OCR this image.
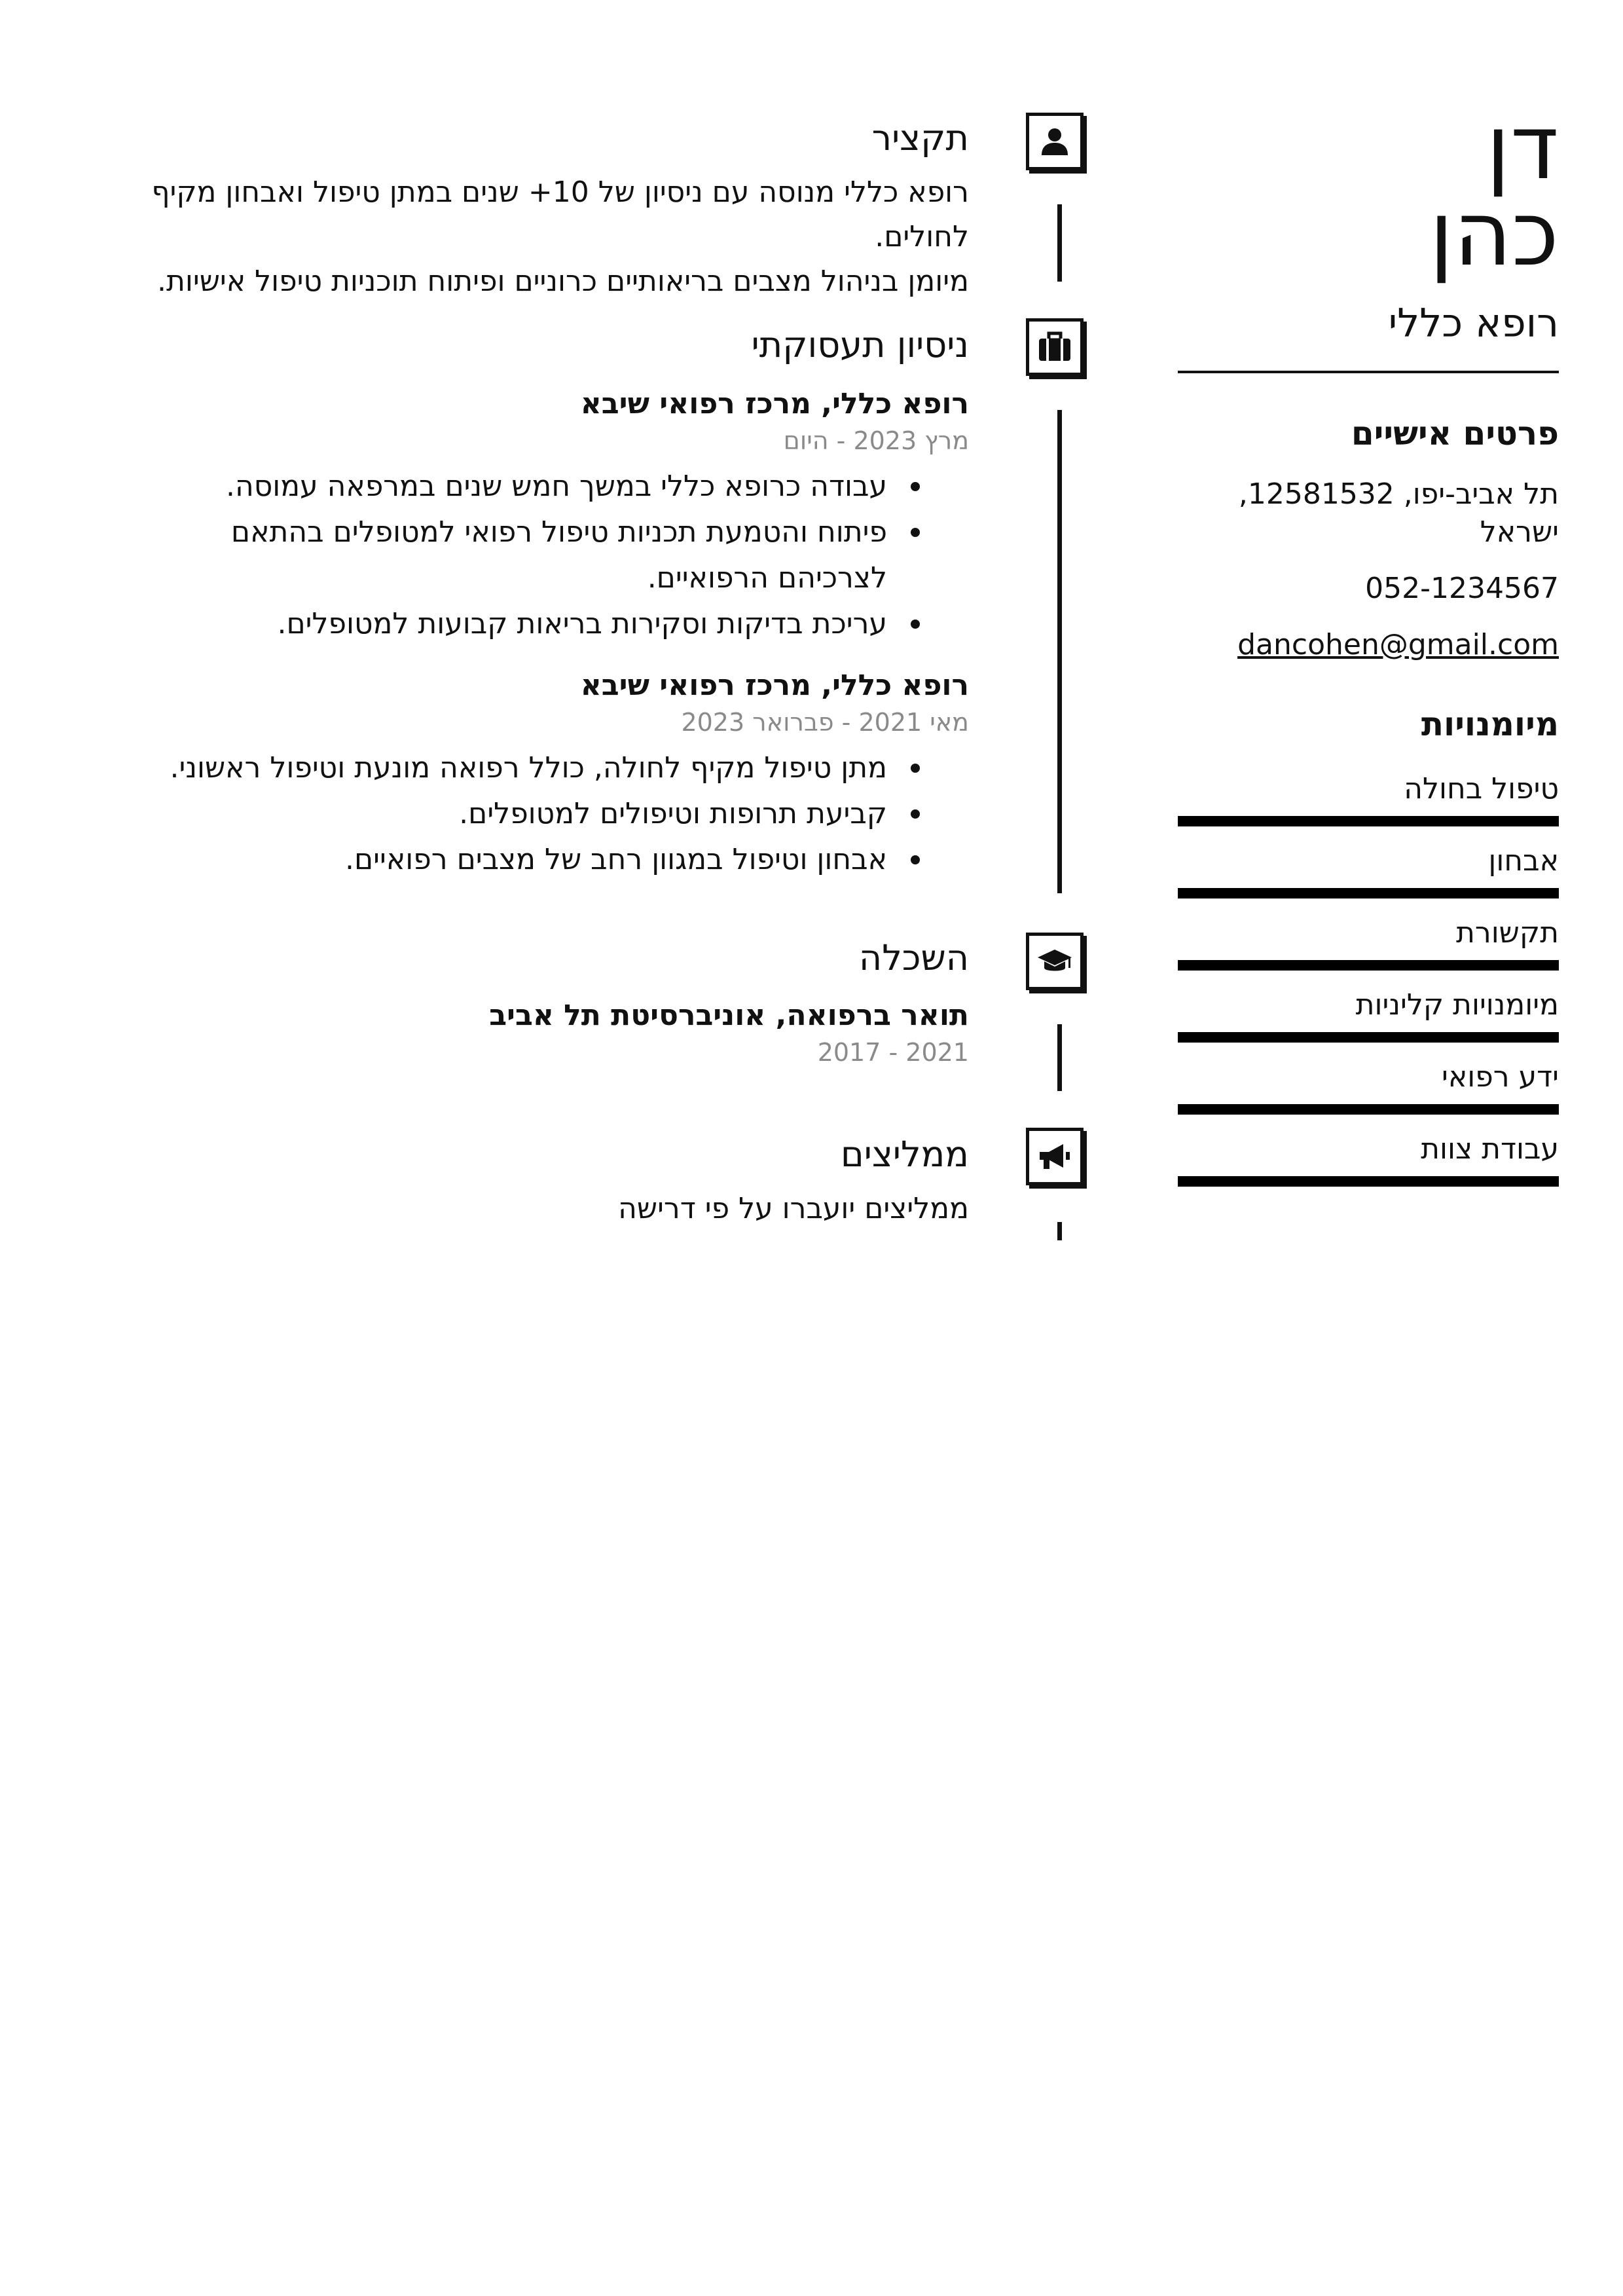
דן
כהן
רופא כללי
פרטים אישיים
תל אביב-יפו, 12581532, ישראל
052-1234567
dancohen@gmail.com
מיומנויות
טיפול בחולה
אבחון
תקשורת
מיומנויות קליניות
ידע רפואי
עבודת צוות
תקציר
רופא כללי מנוסה עם ניסיון של 10+ שנים במתן טיפול ואבחון מקיף לחולים.
מיומן בניהול מצבים בריאותיים כרוניים ופיתוח תוכניות טיפול אישיות.
ניסיון תעסוקתי
רופא כללי, מרכז רפואי שיבא
מרץ 2023 - היום
עבודה כרופא כללי במשך חמש שנים במרפאה עמוסה.
פיתוח והטמעת תכניות טיפול רפואי למטופלים בהתאם לצרכיהם הרפואיים.
עריכת בדיקות וסקירות בריאות קבועות למטופלים.
רופא כללי, מרכז רפואי שיבא
מאי 2021 - פברואר 2023
מתן טיפול מקיף לחולה, כולל רפואה מונעת וטיפול ראשוני.
קביעת תרופות וטיפולים למטופלים.
אבחון וטיפול במגוון רחב של מצבים רפואיים.
השכלה
תואר ברפואה, אוניברסיטת תל אביב
2021 - 2017
ממליצים
ממליצים יועברו על פי דרישה
